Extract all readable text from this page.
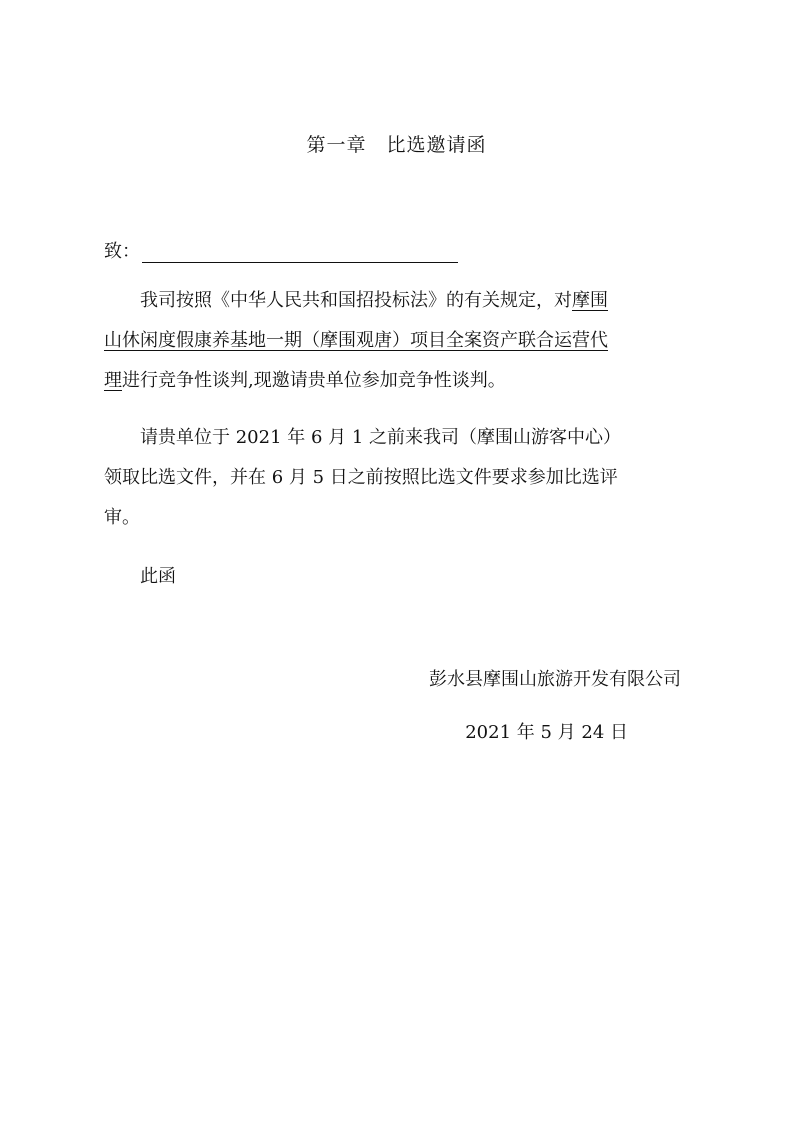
第一章　比选邀请函
致：
我司按照《中华人民共和国招投标法》的有关规定，对摩围
山休闲度假康养基地一期（摩围观唐）项目全案资产联合运营代
理进行竞争性谈判,现邀请贵单位参加竞争性谈判。
请贵单位于 2021 年 6 月 1 之前来我司（摩围山游客中心）
领取比选文件，并在 6 月 5 日之前按照比选文件要求参加比选评
审。
此函
彭水县摩围山旅游开发有限公司
2021 年 5 月 24 日
